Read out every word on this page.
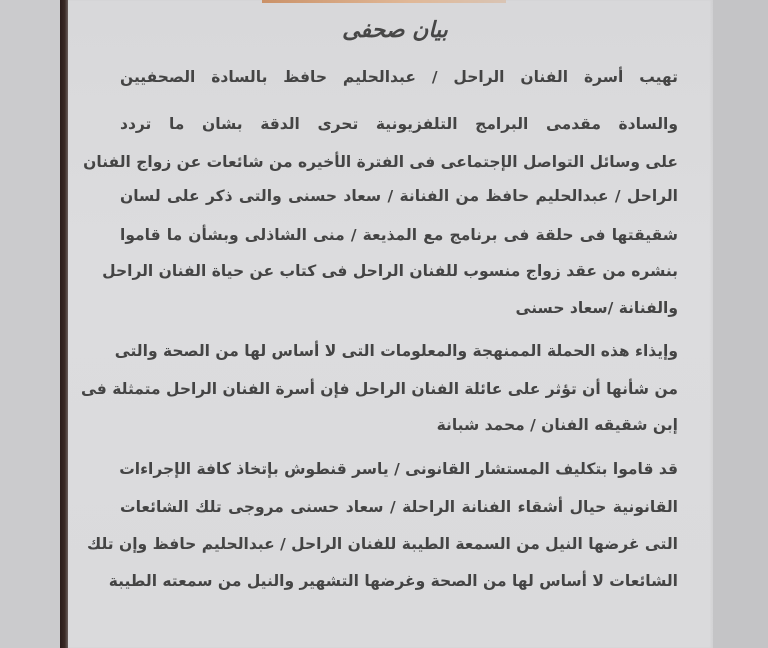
بيان صحفى
تهيب أسرة الفنان الراحل / عبدالحليم حافظ بالسادة الصحفيين
والسادة مقدمى البرامج التلفزيونية تحرى الدقة بشان ما تردد
على وسائل التواصل الإجتماعى فى الفترة الأخيره من شائعات عن زواج الفنان
الراحل / عبدالحليم حافظ من الفنانة / سعاد حسنى والتى ذكر على لسان
شقيقتها فى حلقة فى برنامج مع المذيعة / منى الشاذلى وبشأن ما قاموا
بنشره من عقد زواج منسوب للفنان الراحل فى كتاب عن حياة الفنان الراحل
والفنانة /سعاد حسنى
وإيذاء هذه الحملة الممنهجة والمعلومات التى لا أساس لها من الصحة والتى
من شأنها أن تؤثر على عائلة الفنان الراحل فإن أسرة الفنان الراحل متمثلة فى
إبن شقيقه الفنان / محمد شبانة
قد قاموا بتكليف المستشار القانونى / ياسر قنطوش بإتخاذ كافة الإجراءات
القانونية حيال أشقاء الفنانة الراحلة / سعاد حسنى مروجى تلك الشائعات
التى غرضها النيل من السمعة الطيبة للفنان الراحل / عبدالحليم حافظ وإن تلك
الشائعات لا أساس لها من الصحة وغرضها التشهير والنيل من سمعته الطيبة
